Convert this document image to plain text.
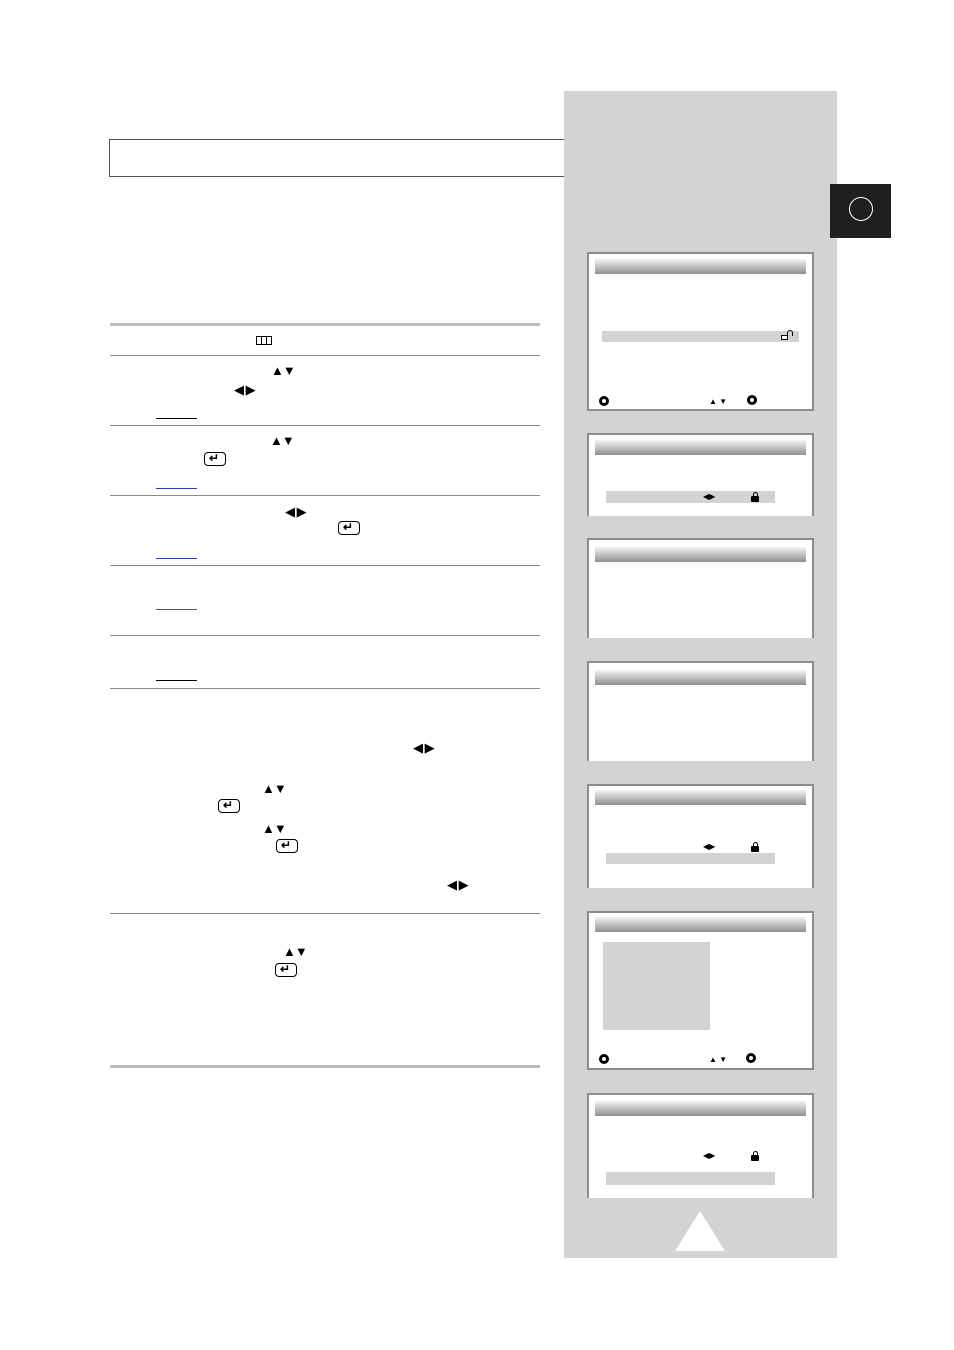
▲▼
◀ ▶
▲▼
↵
◀ ▶
↵
◀ ▶
▲▼
↵
▲▼
↵
◀ ▶
▲▼
↵
▲ ▼
◀▶
◀▶
▲ ▼
◀▶
